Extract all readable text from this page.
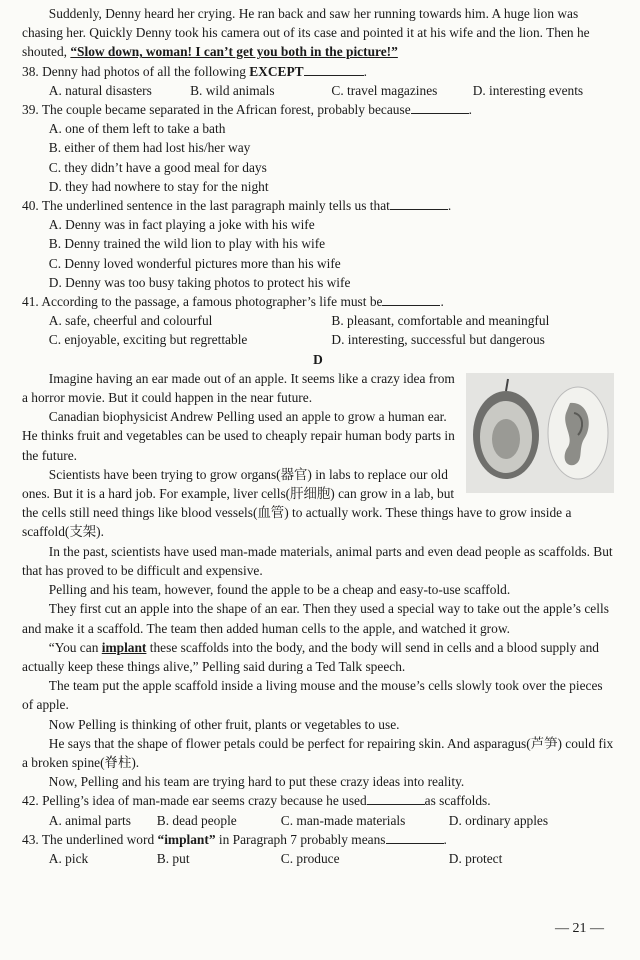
Suddenly, Denny heard her crying. He ran back and saw her running towards him. A huge lion was chasing her. Quickly Denny took his camera out of its case and pointed it at his wife and the lion. Then he shouted, “Slow down, woman! I can’t get you both in the picture!”

38. Denny had photos of all the following EXCEPT	.

A. natural disasters	B. wild animals	C. travel magazines	D. interesting events

39. The couple became separated in the African forest, probably because	.

A. one of them left to take a bath

B. either of them had lost his/her way

C. they didn’t have a good meal for days

D. they had nowhere to stay for the night

40. The underlined sentence in the last paragraph mainly tells us that	.

A. Denny was in fact playing a joke with his wife

B. Denny trained the wild lion to play with his wife

C. Denny loved wonderful pictures more than his wife

D. Denny was too busy taking photos to protect his wife

41. According to the passage, a famous photographer’s life must be	.

A. safe, cheerful and colourful	B. pleasant, comfortable and meaningful
C. enjoyable, exciting but regrettable	D. interesting, successful but dangerous

D

Imagine having an ear made out of an apple. It seems like a crazy idea from a horror movie. But it could happen in the near future.

Canadian biophysicist Andrew Pelling used an apple to grow a human ear. He thinks fruit and vegetables can be used to cheaply repair human body parts in the future.

Scientists have been trying to grow organs(器官) in labs to replace our old ones. But it is a hard job. For example, liver cells(肝细胞) can grow in a lab, but the cells still need things like blood vessels(血管) to actually work. These things have to grow inside a scaffold(支架).

In the past, scientists have used man-made materials, animal parts and even dead people as scaffolds. But that has proved to be difficult and expensive.

Pelling and his team, however, found the apple to be a cheap and easy-to-use scaffold.

They first cut an apple into the shape of an ear. Then they used a special way to take out the apple’s cells and make it a scaffold. The team then added human cells to the apple, and watched it grow.

“You can implant these scaffolds into the body, and the body will send in cells and a blood supply and actually keep these things alive,” Pelling said during a Ted Talk speech.

The team put the apple scaffold inside a living mouse and the mouse’s cells slowly took over the pieces of apple.

Now Pelling is thinking of other fruit, plants or vegetables to use.

He says that the shape of flower petals could be perfect for repairing skin. And asparagus(芦笋) could fix a broken spine(脊柱).

Now, Pelling and his team are trying hard to put these crazy ideas into reality.

42. Pelling’s idea of man-made ear seems crazy because he used	as scaffolds.

A. animal parts	B. dead people	C. man-made materials	D. ordinary apples

43. The underlined word “implant” in Paragraph 7 probably means	.

A. pick	B. put	C. produce	D. protect
— 21 —
